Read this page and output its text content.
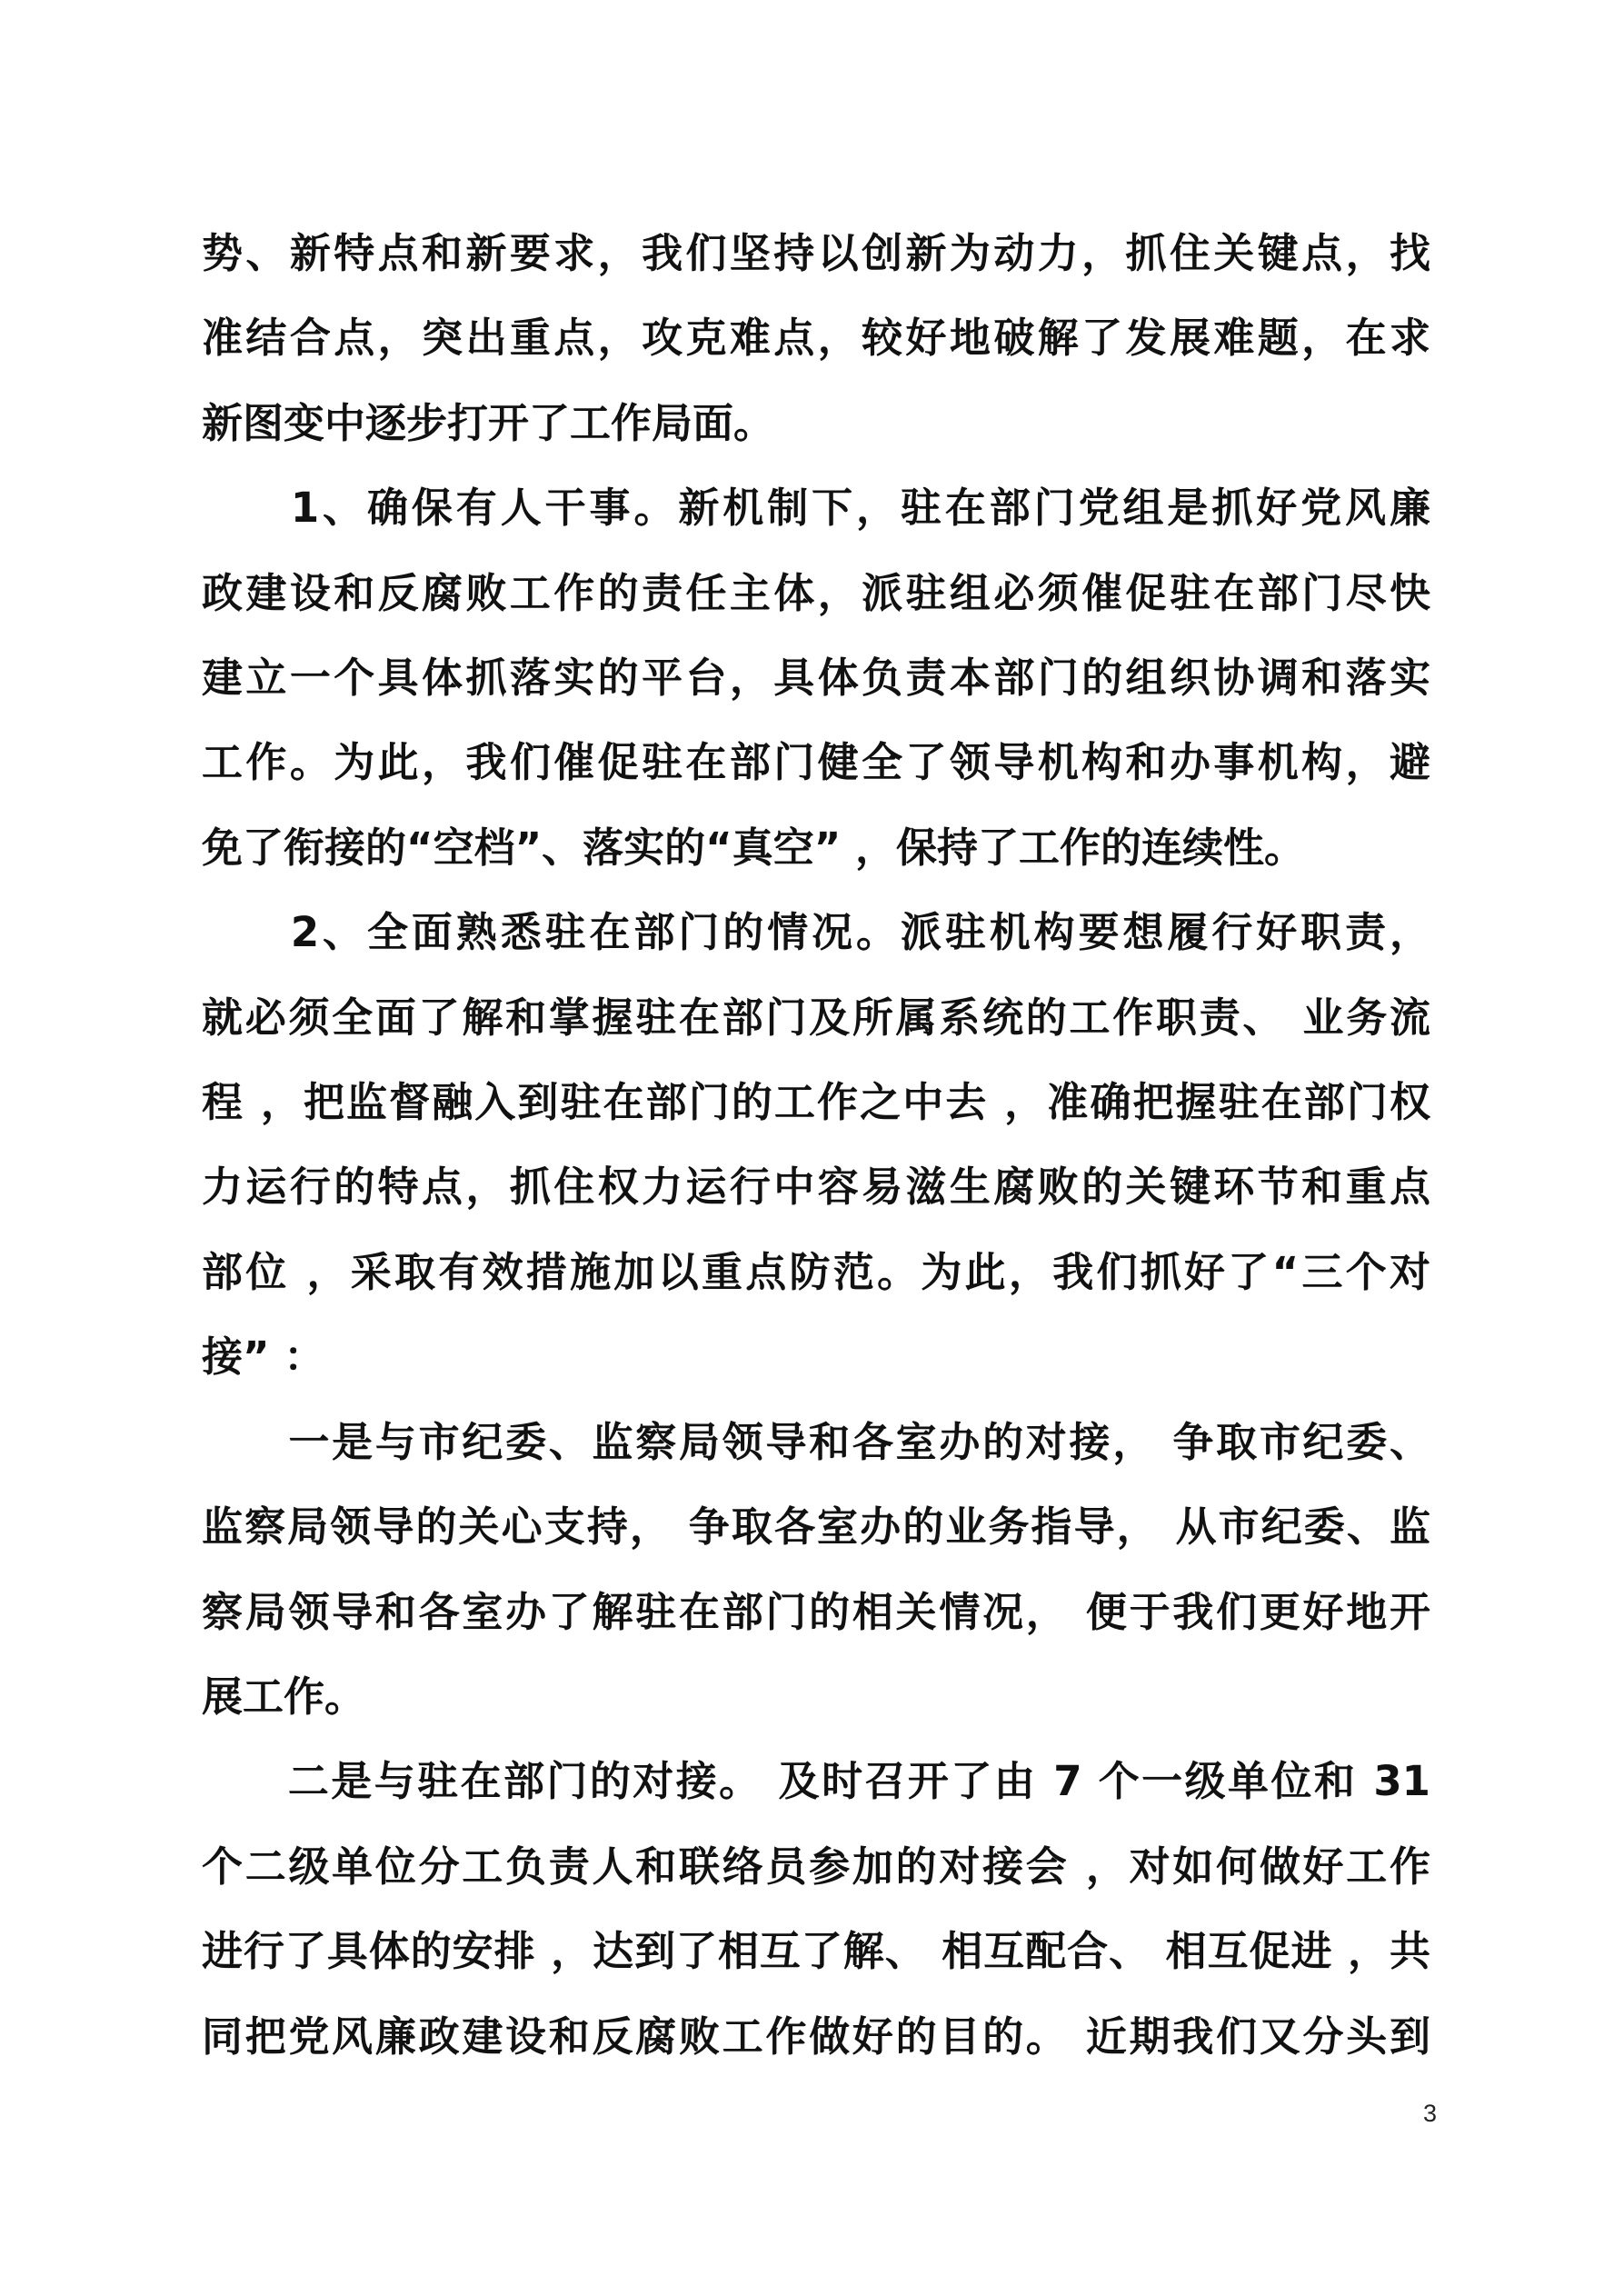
势、新特点和新要求，我们坚持以创新为动力，抓住关键点，找
准结合点，突出重点，攻克难点，较好地破解了发展难题，在求
新图变中逐步打开了工作局面。

　　1、确保有人干事。新机制下，驻在部门党组是抓好党风廉
政建设和反腐败工作的责任主体，派驻组必须催促驻在部门尽快
建立一个具体抓落实的平台，具体负责本部门的组织协调和落实
工作。为此，我们催促驻在部门健全了领导机构和办事机构，避
免了衔接的“空档”、落实的“真空” ，保持了工作的连续性。

　　2、全面熟悉驻在部门的情况。派驻机构要想履行好职责，
就必须全面了解和掌握驻在部门及所属系统的工作职责、 业务流
程 ，把监督融入到驻在部门的工作之中去 ，准确把握驻在部门权
力运行的特点，抓住权力运行中容易滋生腐败的关键环节和重点
部位 ，采取有效措施加以重点防范。为此，我们抓好了“三个对
接” ：

　　一是与市纪委、监察局领导和各室办的对接， 争取市纪委、
监察局领导的关心支持， 争取各室办的业务指导， 从市纪委、监
察局领导和各室办了解驻在部门的相关情况， 便于我们更好地开
展工作。

　　二是与驻在部门的对接。 及时召开了由 7 个一级单位和 31
个二级单位分工负责人和联络员参加的对接会 ，对如何做好工作
进行了具体的安排 ，达到了相互了解、 相互配合、 相互促进 ，共
同把党风廉政建设和反腐败工作做好的目的。 近期我们又分头到

3
